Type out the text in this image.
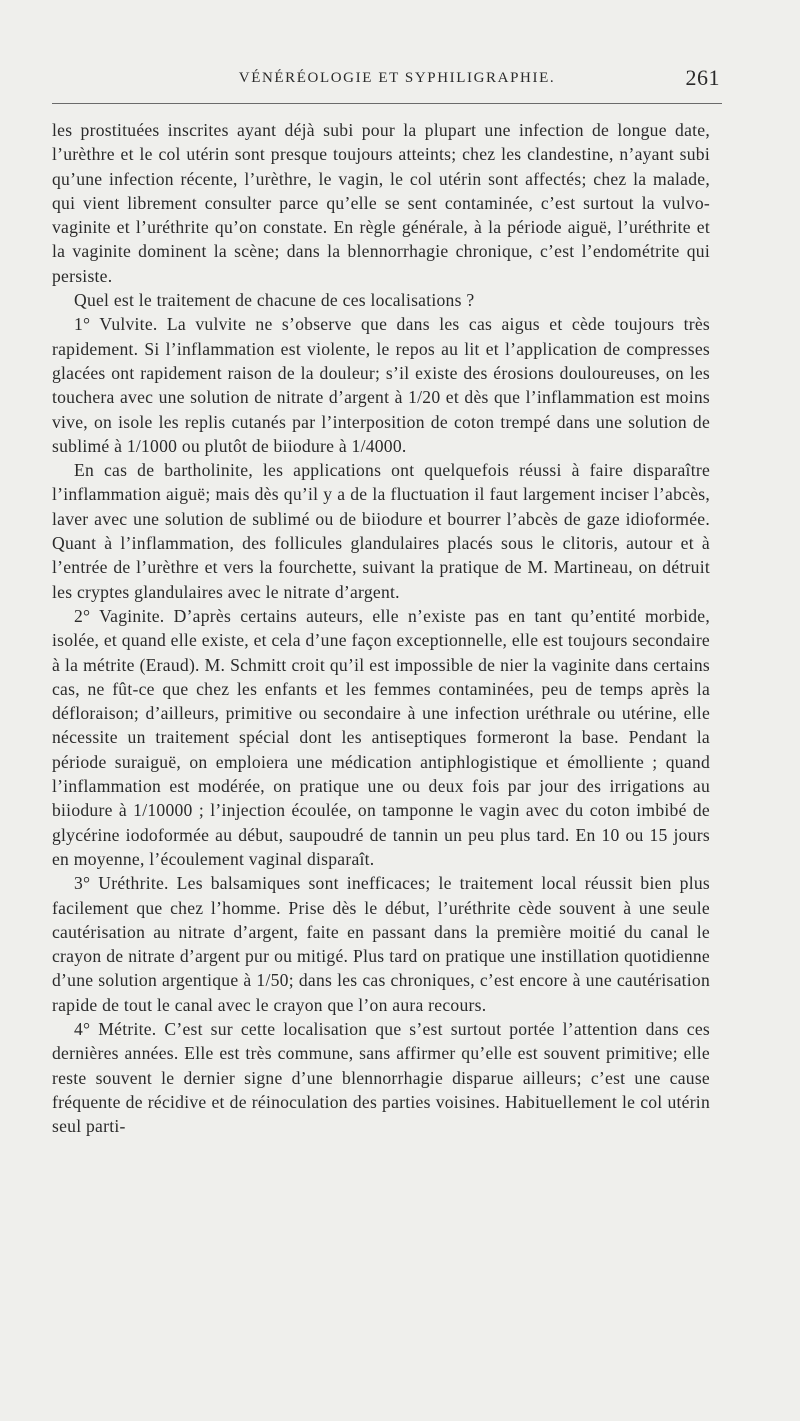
VÉNÉRÉOLOGIE ET SYPHILIGRAPHIE.	261

les prostituées inscrites ayant déjà subi pour la plupart une infection de longue date, l’urèthre et le col utérin sont presque toujours atteints; chez les clandestine, n’ayant subi qu’une infection récente, l’urèthre, le vagin, le col utérin sont affectés; chez la malade, qui vient librement consulter parce qu’elle se sent contaminée, c’est surtout la vulvo-vaginite et l’uréthrite qu’on constate. En règle générale, à la période aiguë, l’uréthrite et la vaginite dominent la scène; dans la blennorrhagie chronique, c’est l’endométrite qui persiste.

Quel est le traitement de chacune de ces localisations ?

1° Vulvite. La vulvite ne s’observe que dans les cas aigus et cède toujours très rapidement. Si l’inflammation est violente, le repos au lit et l’application de compresses glacées ont rapidement raison de la douleur; s’il existe des érosions douloureuses, on les touchera avec une solution de nitrate d’argent à 1/20 et dès que l’inflammation est moins vive, on isole les replis cutanés par l’interposition de coton trempé dans une solution de sublimé à 1/1000 ou plutôt de biiodure à 1/4000.

En cas de bartholinite, les applications ont quelquefois réussi à faire disparaître l’inflammation aiguë; mais dès qu’il y a de la fluctuation il faut largement inciser l’abcès, laver avec une solution de sublimé ou de biiodure et bourrer l’abcès de gaze idioformée. Quant à l’inflammation, des follicules glandulaires placés sous le clitoris, autour et à l’entrée de l’urèthre et vers la fourchette, suivant la pratique de M. Martineau, on détruit les cryptes glandulaires avec le nitrate d’argent.

2° Vaginite. D’après certains auteurs, elle n’existe pas en tant qu’entité morbide, isolée, et quand elle existe, et cela d’une façon exceptionnelle, elle est toujours secondaire à la métrite (Eraud). M. Schmitt croit qu’il est impossible de nier la vaginite dans certains cas, ne fût-ce que chez les enfants et les femmes contaminées, peu de temps après la défloraison; d’ailleurs, primitive ou secondaire à une infection uréthrale ou utérine, elle nécessite un traitement spécial dont les antiseptiques formeront la base. Pendant la période suraiguë, on emploiera une médication antiphlogistique et émolliente ; quand l’inflammation est modérée, on pratique une ou deux fois par jour des irrigations au biiodure à 1/10000 ; l’injection écoulée, on tamponne le vagin avec du coton imbibé de glycérine iodoformée au début, saupoudré de tannin un peu plus tard. En 10 ou 15 jours en moyenne, l’écoulement vaginal disparaît.

3° Uréthrite. Les balsamiques sont inefficaces; le traitement local réussit bien plus facilement que chez l’homme. Prise dès le début, l’uréthrite cède souvent à une seule cautérisation au nitrate d’argent, faite en passant dans la première moitié du canal le crayon de nitrate d’argent pur ou mitigé. Plus tard on pratique une instillation quotidienne d’une solution argentique à 1/50; dans les cas chroniques, c’est encore à une cautérisation rapide de tout le canal avec le crayon que l’on aura recours.

4° Métrite. C’est sur cette localisation que s’est surtout portée l’attention dans ces dernières années. Elle est très commune, sans affirmer qu’elle est souvent primitive; elle reste souvent le dernier signe d’une blennorrhagie disparue ailleurs; c’est une cause fréquente de récidive et de réinoculation des parties voisines. Habituellement le col utérin seul parti-
